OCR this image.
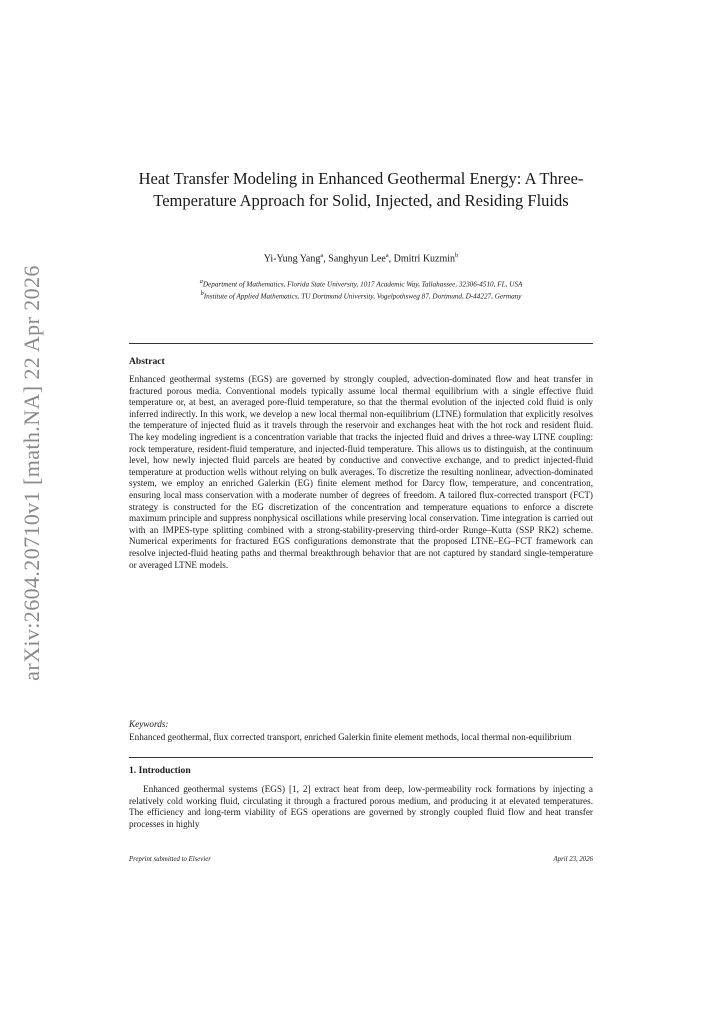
arXiv:2604.20710v1 [math.NA] 22 Apr 2026
Heat Transfer Modeling in Enhanced Geothermal Energy: A Three-Temperature Approach for Solid, Injected, and Residing Fluids
Yi-Yung Yang$^a$, Sanghyun Lee$^a$, Dmitri Kuzmin$^b$
$^a$Department of Mathematics, Florida State University, 1017 Academic Way, Tallahassee, 32306-4510, FL, USA
$^b$Institute of Applied Mathematics, TU Dortmund University, Vogelpothsweg 87, Dortmund, D-44227, Germany
Abstract
Enhanced geothermal systems (EGS) are governed by strongly coupled, advection-dominated flow and heat transfer in fractured porous media. Conventional models typically assume local thermal equilibrium with a single effective fluid temperature or, at best, an averaged pore-fluid temperature, so that the thermal evolution of the injected cold fluid is only inferred indirectly. In this work, we develop a new local thermal non-equilibrium (LTNE) formulation that explicitly resolves the temperature of injected fluid as it travels through the reservoir and exchanges heat with the hot rock and resident fluid. The key modeling ingredient is a concentration variable that tracks the injected fluid and drives a three-way LTNE coupling: rock temperature, resident-fluid temperature, and injected-fluid temperature. This allows us to distinguish, at the continuum level, how newly injected fluid parcels are heated by conductive and convective exchange, and to predict injected-fluid temperature at production wells without relying on bulk averages. To discretize the resulting nonlinear, advection-dominated system, we employ an enriched Galerkin (EG) finite element method for Darcy flow, temperature, and concentration, ensuring local mass conservation with a moderate number of degrees of freedom. A tailored flux-corrected transport (FCT) strategy is constructed for the EG discretization of the concentration and temperature equations to enforce a discrete maximum principle and suppress nonphysical oscillations while preserving local conservation. Time integration is carried out with an IMPES-type splitting combined with a strong-stability-preserving third-order Runge–Kutta (SSP RK2) scheme. Numerical experiments for fractured EGS configurations demonstrate that the proposed LTNE–EG–FCT framework can resolve injected-fluid heating paths and thermal breakthrough behavior that are not captured by standard single-temperature or averaged LTNE models.
Keywords:
Enhanced geothermal, flux corrected transport, enriched Galerkin finite element methods, local thermal non-equilibrium
1. Introduction
Enhanced geothermal systems (EGS) [1, 2] extract heat from deep, low-permeability rock formations by injecting a relatively cold working fluid, circulating it through a fractured porous medium, and producing it at elevated temperatures. The efficiency and long-term viability of EGS operations are governed by strongly coupled fluid flow and heat transfer processes in highly
Preprint submitted to Elsevier	April 23, 2026
